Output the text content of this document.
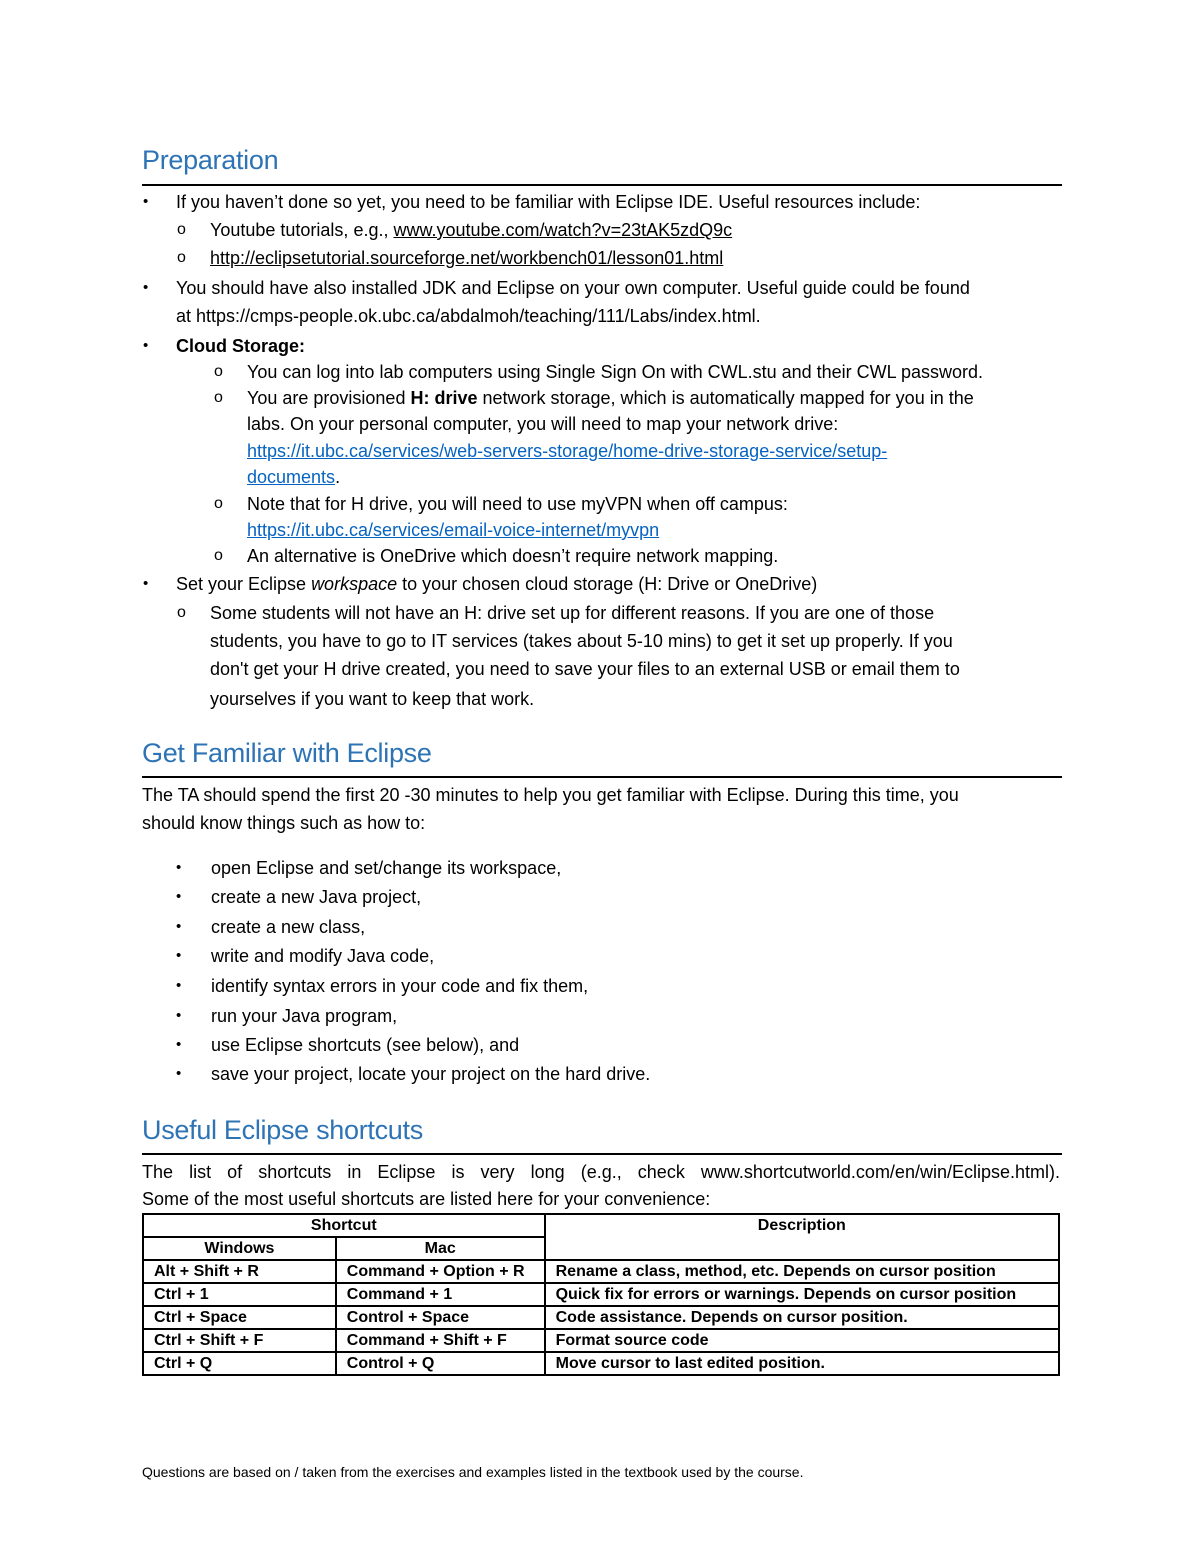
Preparation
• If you haven’t done so yet, you need to be familiar with Eclipse IDE. Useful resources include:
o Youtube tutorials, e.g., www.youtube.com/watch?v=23tAK5zdQ9c
o http://eclipsetutorial.sourceforge.net/workbench01/lesson01.html
• You should have also installed JDK and Eclipse on your own computer. Useful guide could be found
at https://cmps-people.ok.ubc.ca/abdalmoh/teaching/111/Labs/index.html.
• Cloud Storage:
o You can log into lab computers using Single Sign On with CWL.stu and their CWL password.
o You are provisioned H: drive network storage, which is automatically mapped for you in the
labs. On your personal computer, you will need to map your network drive:
https://it.ubc.ca/services/web-servers-storage/home-drive-storage-service/setup-
documents.
o Note that for H drive, you will need to use myVPN when off campus:
https://it.ubc.ca/services/email-voice-internet/myvpn
o An alternative is OneDrive which doesn’t require network mapping.
• Set your Eclipse workspace to your chosen cloud storage (H: Drive or OneDrive)
o Some students will not have an H: drive set up for different reasons. If you are one of those
students, you have to go to IT services (takes about 5-10 mins) to get it set up properly. If you
don't get your H drive created, you need to save your files to an external USB or email them to
yourselves if you want to keep that work.
Get Familiar with Eclipse
The TA should spend the first 20 -30 minutes to help you get familiar with Eclipse. During this time, you
should know things such as how to:
• open Eclipse and set/change its workspace,
• create a new Java project,
• create a new class,
• write and modify Java code,
• identify syntax errors in your code and fix them,
• run your Java program,
• use Eclipse shortcuts (see below), and
• save your project, locate your project on the hard drive.
Useful Eclipse shortcuts
The list of shortcuts in Eclipse is very long (e.g., check www.shortcutworld.com/en/win/Eclipse.html).
Some of the most useful shortcuts are listed here for your convenience:
Shortcut		Description
Windows	Mac	
Alt + Shift + R	Command + Option + R	Rename a class, method, etc. Depends on cursor position
Ctrl + 1	Command + 1	Quick fix for errors or warnings. Depends on cursor position
Ctrl + Space	Control + Space	Code assistance. Depends on cursor position.
Ctrl + Shift + F	Command + Shift + F	Format source code
Ctrl + Q	Control + Q	Move cursor to last edited position.
Questions are based on / taken from the exercises and examples listed in the textbook used by the course.
